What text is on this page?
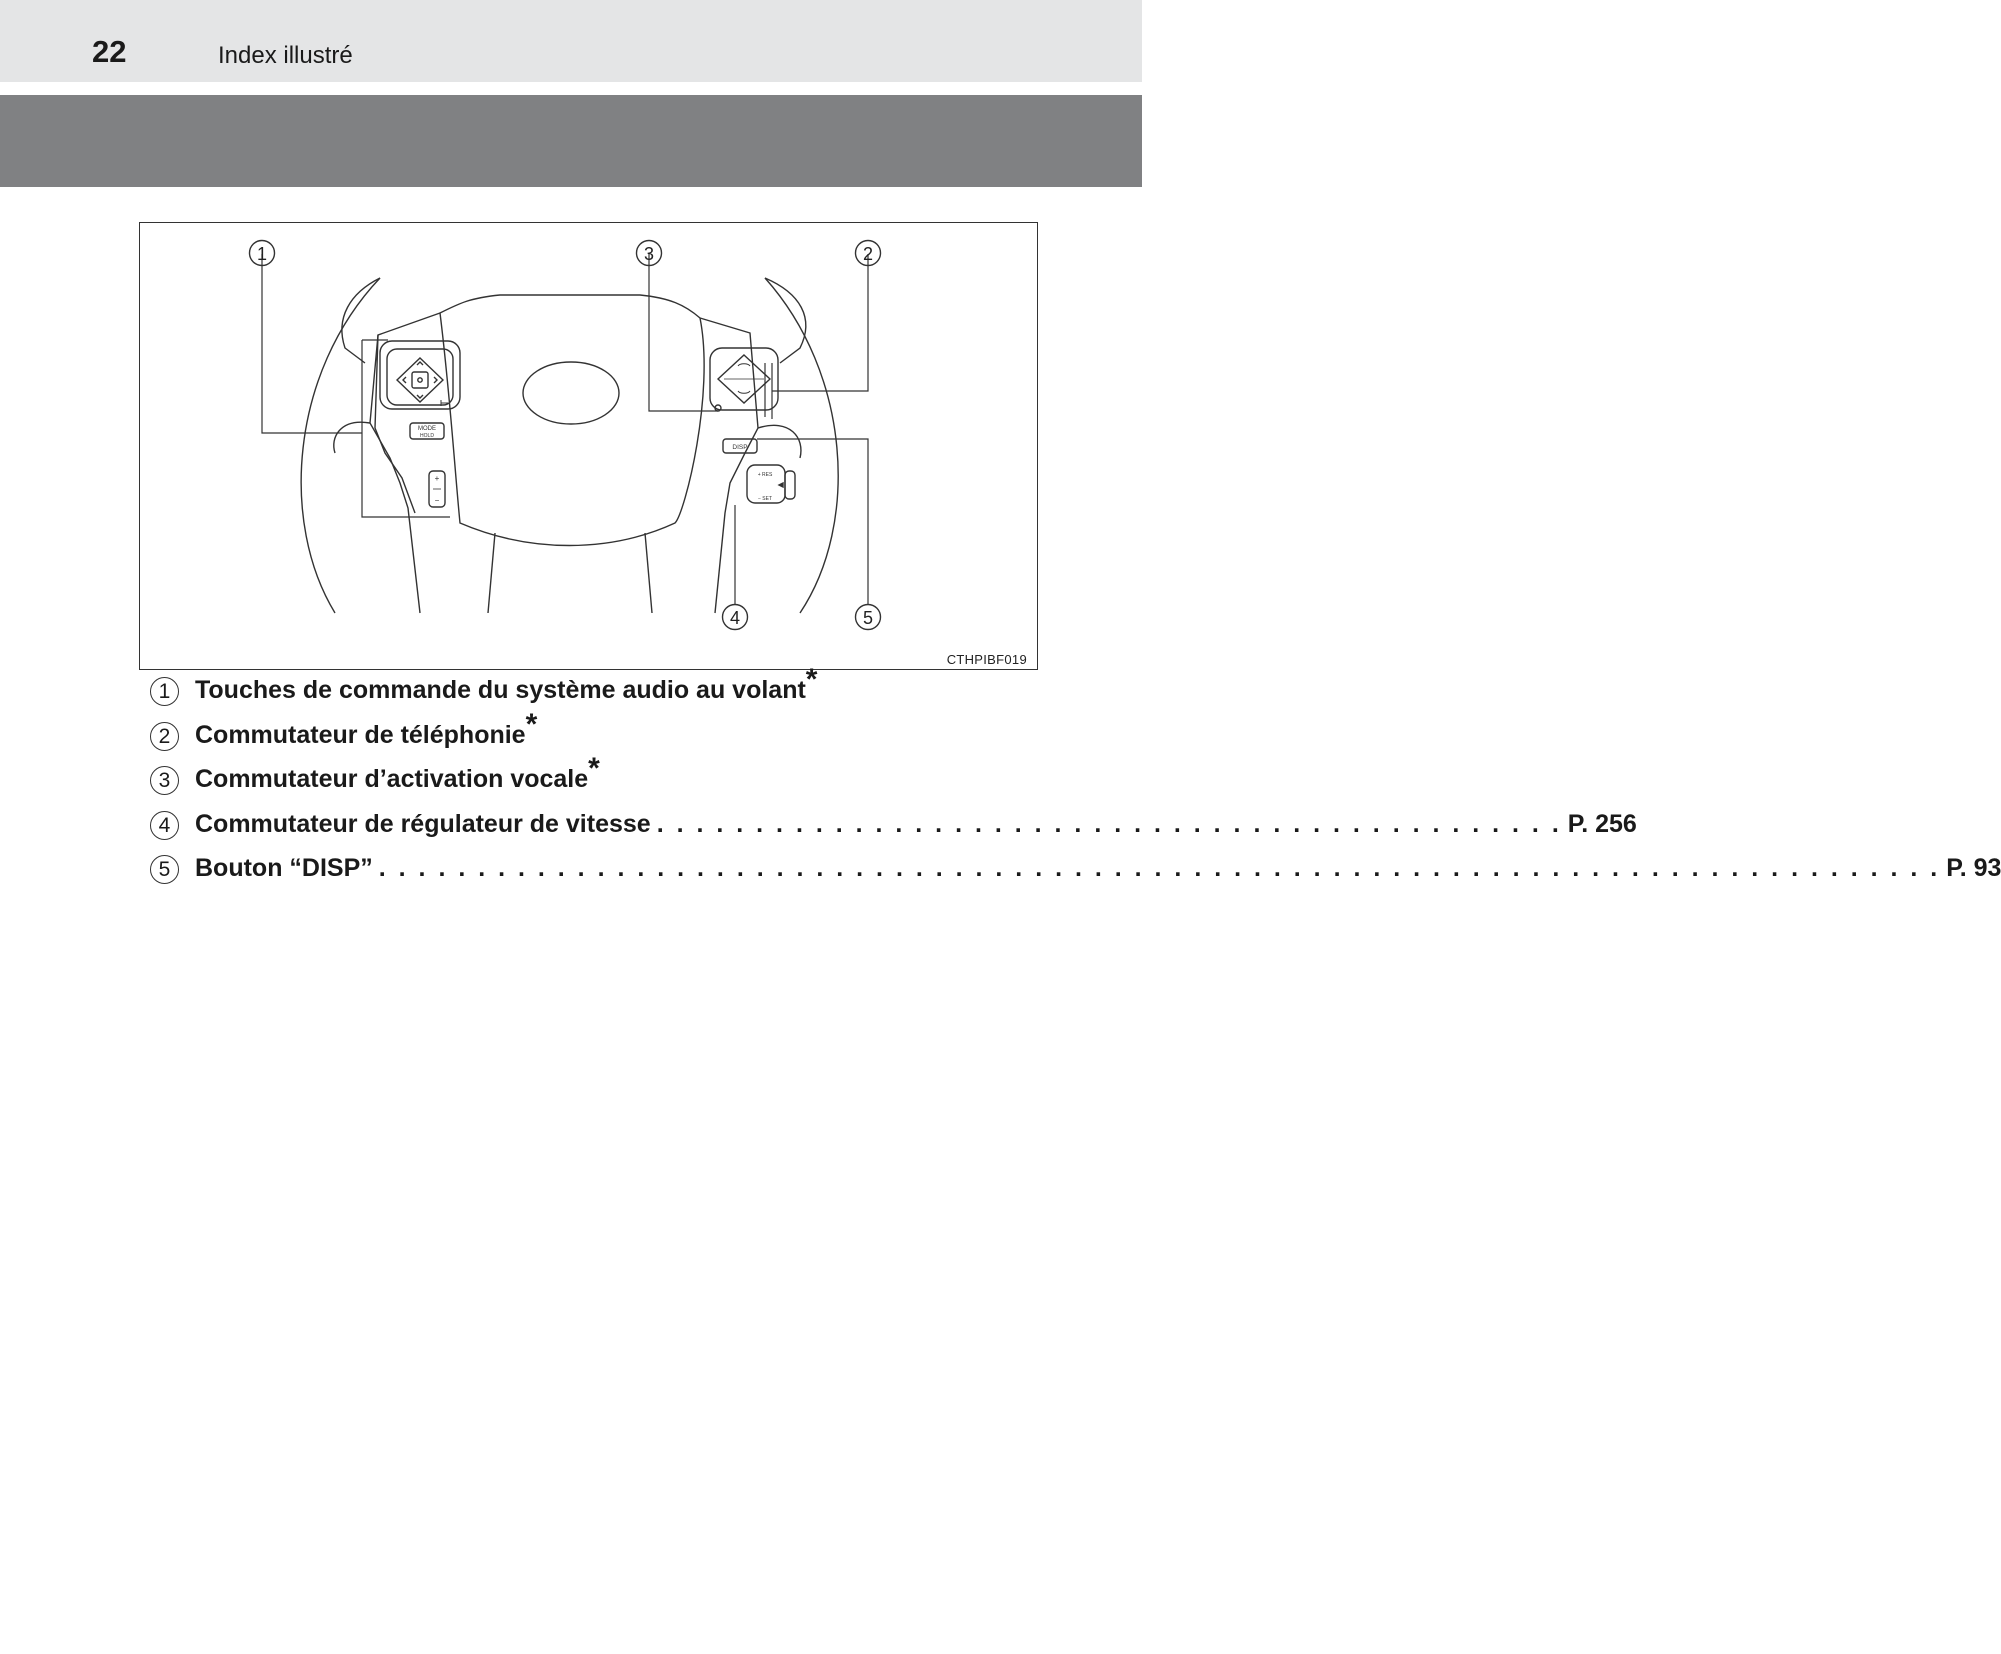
22	Index illustré
MODE
HOLD
+
−
DISP
+ RES
− SET
1	2
3
4	5
CTHPIBF019
1 Touches de commande du système audio au volant*
2 Commutateur de téléphonie*
3 Commutateur d’activation vocale*
4 Commutateur de régulateur de vitesse . . . . . . . . . . . . . . . . . . . . . . . . . . . . . . . . . . . . . . . . . . . . . . P. 256
5 Bouton “DISP” . . . . . . . . . . . . . . . . . . . . . . . . . . . . . . . . . . . . . . . . . . . . . . . . . . . . . . . . . . . . . . . . . . . . . . . . . . . . . . . P. 93
